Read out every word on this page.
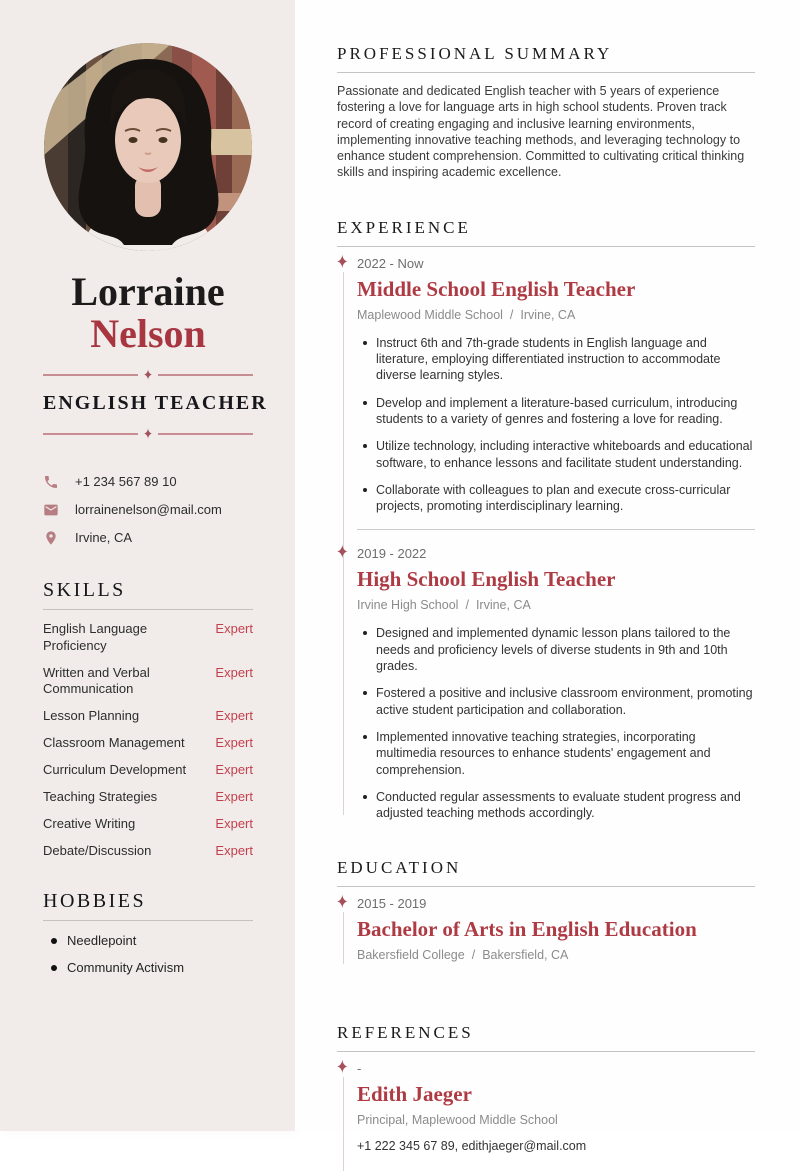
Lorraine
Nelson
✦
ENGLISH TEACHER
✦
+1 234 567 89 10
lorrainenelson@mail.com
Irvine, CA
SKILLS
English Language Proficiency
Expert
Written and Verbal Communication
Expert
Lesson Planning	Expert
Classroom Management Expert
Curriculum Development Expert
Teaching Strategies	Expert
Creative Writing	Expert
Debate/Discussion	Expert
HOBBIES
Needlepoint
Community Activism
PROFESSIONAL SUMMARY

Passionate and dedicated English teacher with 5 years of experience fostering a love for language arts in high school students. Proven track record of creating engaging and inclusive learning environments, implementing innovative teaching methods, and leveraging technology to enhance student comprehension. Committed to cultivating critical thinking skills and inspiring academic excellence.

EXPERIENCE
✦ 2022 - Now
Middle School English Teacher
Maplewood Middle School / Irvine, CA
Instruct 6th and 7th-grade students in English language and literature, employing differentiated instruction to accommodate diverse learning styles.
Develop and implement a literature-based curriculum, introducing students to a variety of genres and fostering a love for reading.
Utilize technology, including interactive whiteboards and educational software, to enhance lessons and facilitate student understanding.
Collaborate with colleagues to plan and execute cross-curricular projects, promoting interdisciplinary learning.
✦ 2019 - 2022
High School English Teacher
Irvine High School / Irvine, CA
Designed and implemented dynamic lesson plans tailored to the needs and proficiency levels of diverse students in 9th and 10th grades.
Fostered a positive and inclusive classroom environment, promoting active student participation and collaboration.
Implemented innovative teaching strategies, incorporating multimedia resources to enhance students' engagement and comprehension.
Conducted regular assessments to evaluate student progress and adjusted teaching methods accordingly.
EDUCATION
✦ 2015 - 2019
Bachelor of Arts in English Education
Bakersfield College / Bakersfield, CA
REFERENCES
✦ -
Edith Jaeger
Principal, Maplewood Middle School
+1 222 345 67 89, edithjaeger@mail.com
